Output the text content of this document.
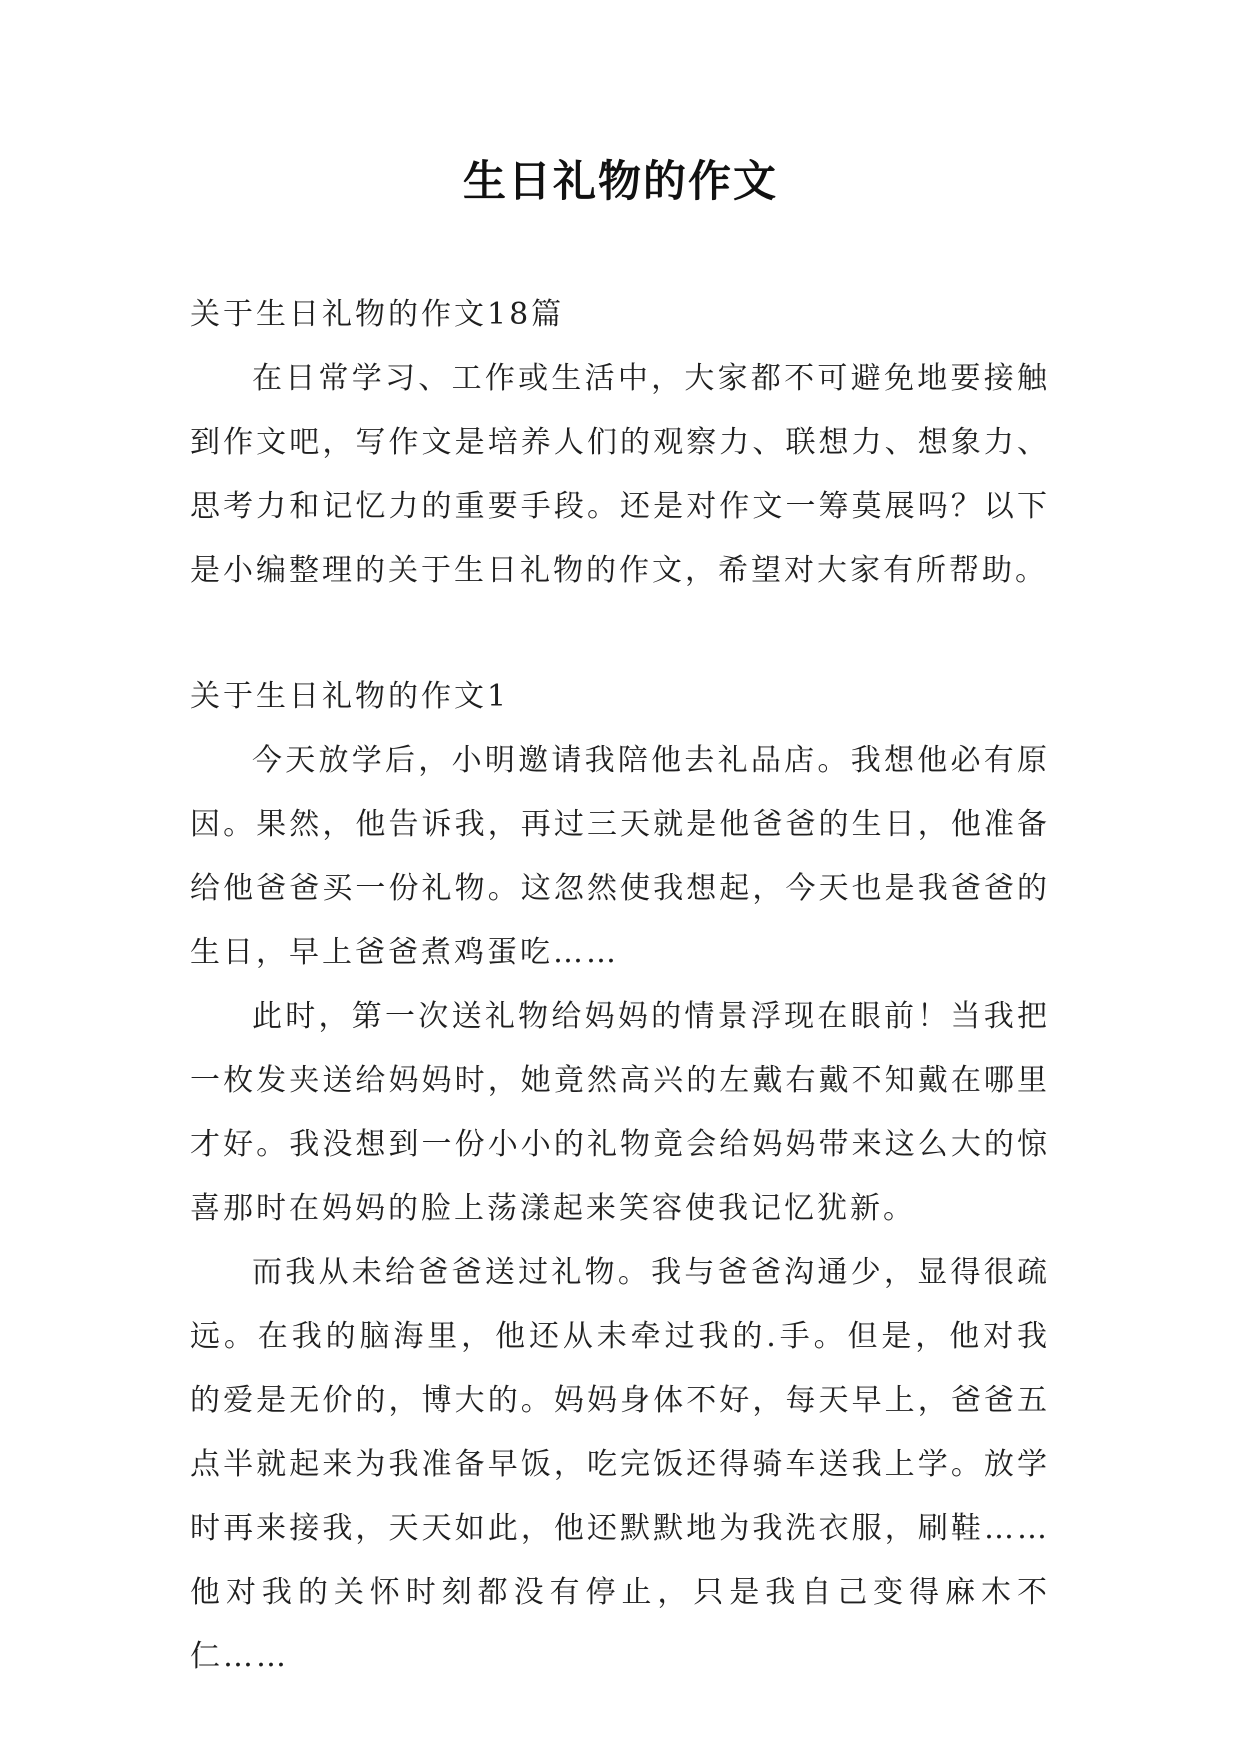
生日礼物的作文

关于生日礼物的作文18篇

在日常学习、工作或生活中，大家都不可避免地要接触到作文吧，写作文是培养人们的观察力、联想力、想象力、思考力和记忆力的重要手段。还是对作文一筹莫展吗？以下是小编整理的关于生日礼物的作文，希望对大家有所帮助。

关于生日礼物的作文1

今天放学后，小明邀请我陪他去礼品店。我想他必有原因。果然，他告诉我，再过三天就是他爸爸的生日，他准备给他爸爸买一份礼物。这忽然使我想起，今天也是我爸爸的生日，早上爸爸煮鸡蛋吃……

此时，第一次送礼物给妈妈的情景浮现在眼前！当我把一枚发夹送给妈妈时，她竟然高兴的左戴右戴不知戴在哪里才好。我没想到一份小小的礼物竟会给妈妈带来这么大的惊喜那时在妈妈的脸上荡漾起来笑容使我记忆犹新。

而我从未给爸爸送过礼物。我与爸爸沟通少，显得很疏远。在我的脑海里，他还从未牵过我的.手。但是，他对我的爱是无价的，博大的。妈妈身体不好，每天早上，爸爸五点半就起来为我准备早饭，吃完饭还得骑车送我上学。放学时再来接我，天天如此，他还默默地为我洗衣服，刷鞋……他对我的关怀时刻都没有停止，只是我自己变得麻木不仁……
